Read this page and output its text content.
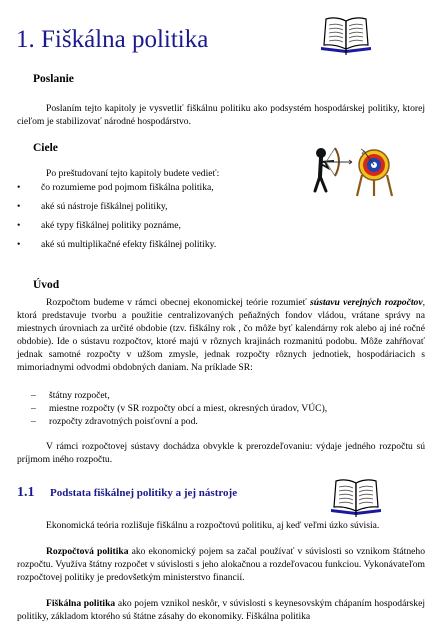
1. Fiškálna politika
Poslanie
Poslaním tejto kapitoly je vysvetliť fiškálnu politiku ako podsystém hospodárskej politiky, ktorej cieľom je stabilizovať národné hospodárstvo.
Ciele
Po preštudovaní tejto kapitoly budete vedieť:
•	čo rozumieme pod pojmom fiškálna politika,
•	aké sú nástroje fiškálnej politiky,
•	aké typy fiškálnej politiky poznáme,
•	aké sú multiplikačné efekty fiškálnej politiky.
Úvod
Rozpočtom budeme v rámci obecnej ekonomickej teórie rozumieť sústavu verejných rozpočtov, ktorá predstavuje tvorbu a použitie centralizovaných peňažných fondov vládou, vrátane správy na miestnych úrovniach za určité obdobie (tzv. fiškálny rok , čo môže byť kalendárny rok alebo aj iné ročné obdobie). Ide o sústavu rozpočtov, ktoré majú v rôznych krajinách rozmanitú podobu. Môže zahŕňovať jednak samotné rozpočty v užšom zmysle, jednak rozpočty rôznych jednotiek, hospodáriacich s mimoriadnymi odvodmi obdobných daniam. Na príklade SR:
–	štátny rozpočet,
–	miestne rozpočty (v SR rozpočty obcí a miest, okresných úradov, VÚC),
–	rozpočty zdravotných poisťovní a pod.
V rámci rozpočtovej sústavy dochádza obvykle k prerozdeľovaniu: výdaje jedného rozpočtu sú príjmom iného rozpočtu.
1.1 Podstata fiškálnej politiky a jej nástroje
Ekonomická teória rozlišuje fiškálnu a rozpočtovú politiku, aj keď veľmi úzko súvisia.
Rozpočtová politika ako ekonomický pojem sa začal používať v súvislosti so vznikom štátneho rozpočtu. Využíva štátny rozpočet v súvislosti s jeho alokačnou a rozdeľovacou funkciou. Vykonávateľom rozpočtovej politiky je predovšetkým ministerstvo financií.
Fiškálna politika ako pojem vznikol neskôr, v súvislosti s keynesovským chápaním hospodárskej politiky, základom ktorého sú štátne zásahy do ekonomiky. Fiškálna politika
